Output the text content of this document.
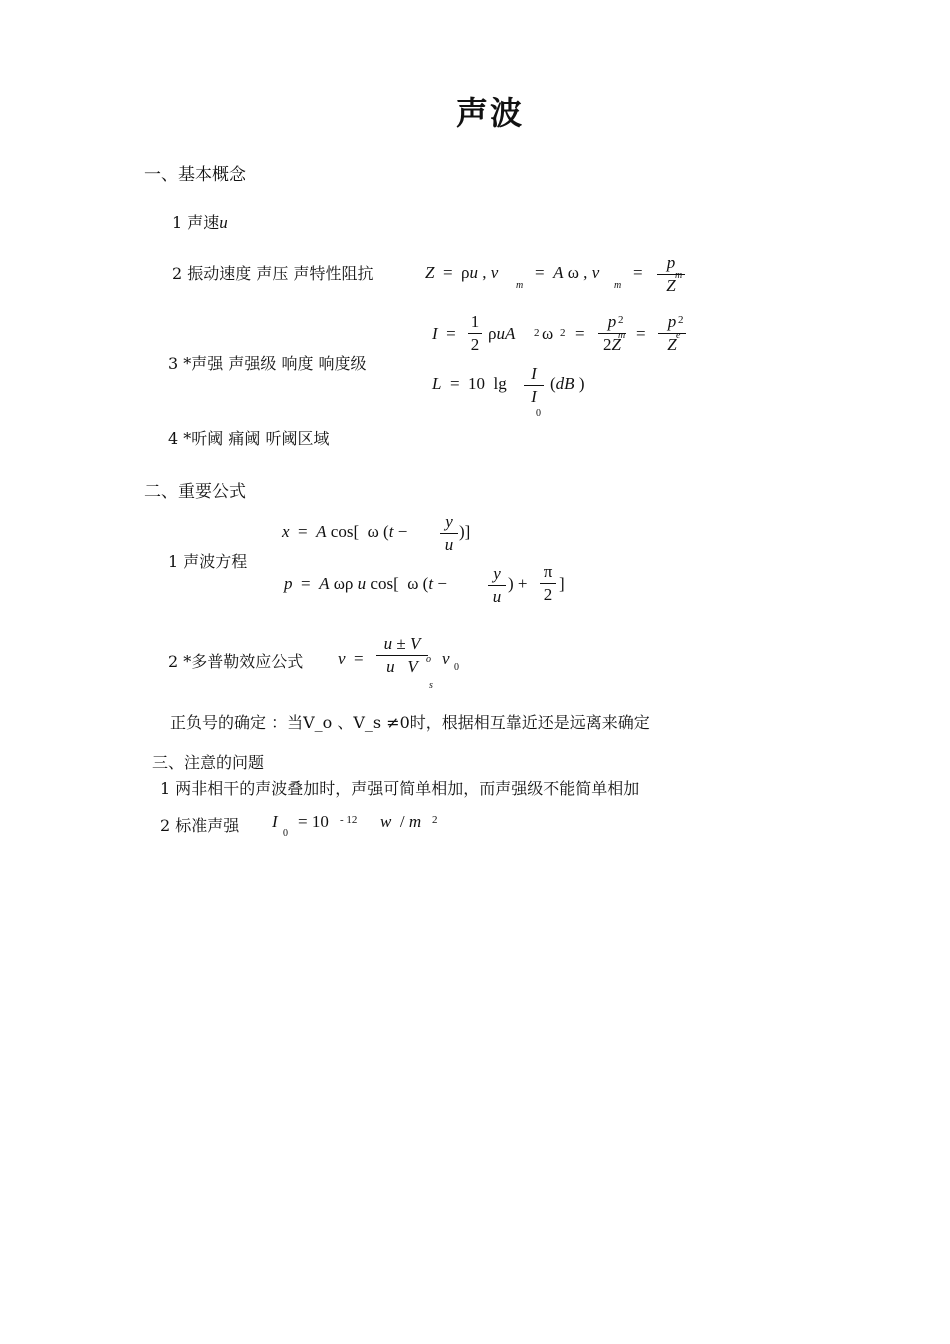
声波
一、基本概念
1 声速u
2 振动速度 声压 声特性阻抗	Z  =  ρu , v
m
=  A ω , v
m
=
p
Z
m
3 *声强 声强级 响度 响度级
I  =
1
2
ρuA 2 ω 2 =
p
2Z
2
m =
p
Z
2
e
L  =  10  lg
I
I
0
(dB )
4 *听阈 痛阈 听阈区域
二、重要公式
1 声波方程
x  =  A cos[  ω (t −
y
u
)]
p  =  A ωρ u cos[  ω (t −
y
u
) +
π
2
]
2 *多普勒效应公式 v  =
u ± V
u V o
s
v 0
正负号的确定 ：当V_o 、V_s ≠0时，根据相互靠近还是远离来确定
三、注意的问题
1 两非相干的声波叠加时，声强可简单相加，而声强级不能简单相加
2 标准声强 I
0
= 10 - 12 w  / m 2
